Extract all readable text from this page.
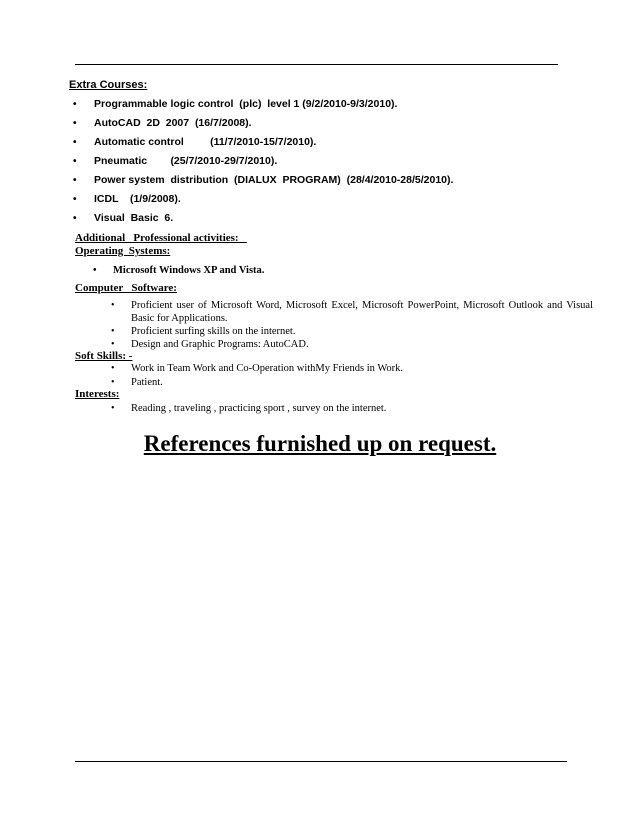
Extra Courses:
• Programmable logic control  (plc)  level 1 (9/2/2010-9/3/2010).
• AutoCAD  2D  2007  (16/7/2008).
• Automatic control         (11/7/2010-15/7/2010).
• Pneumatic        (25/7/2010-29/7/2010).
• Power system  distribution  (DIALUX  PROGRAM)  (28/4/2010-28/5/2010).
• ICDL    (1/9/2008).
• Visual  Basic  6.
Additional   Professional activities:
Operating  Systems:
• Microsoft Windows XP and Vista.
Computer   Software:
• Proficient user of Microsoft Word, Microsoft Excel, Microsoft PowerPoint, Microsoft Outlook and Visual Basic for Applications.
• Proficient surfing skills on the internet.
• Design and Graphic Programs: AutoCAD.
Soft Skills: -
• Work in Team Work and Co-Operation withMy Friends in Work.
• Patient.
Interests:
• Reading , traveling , practicing sport , survey on the internet.
References furnished up on request.
